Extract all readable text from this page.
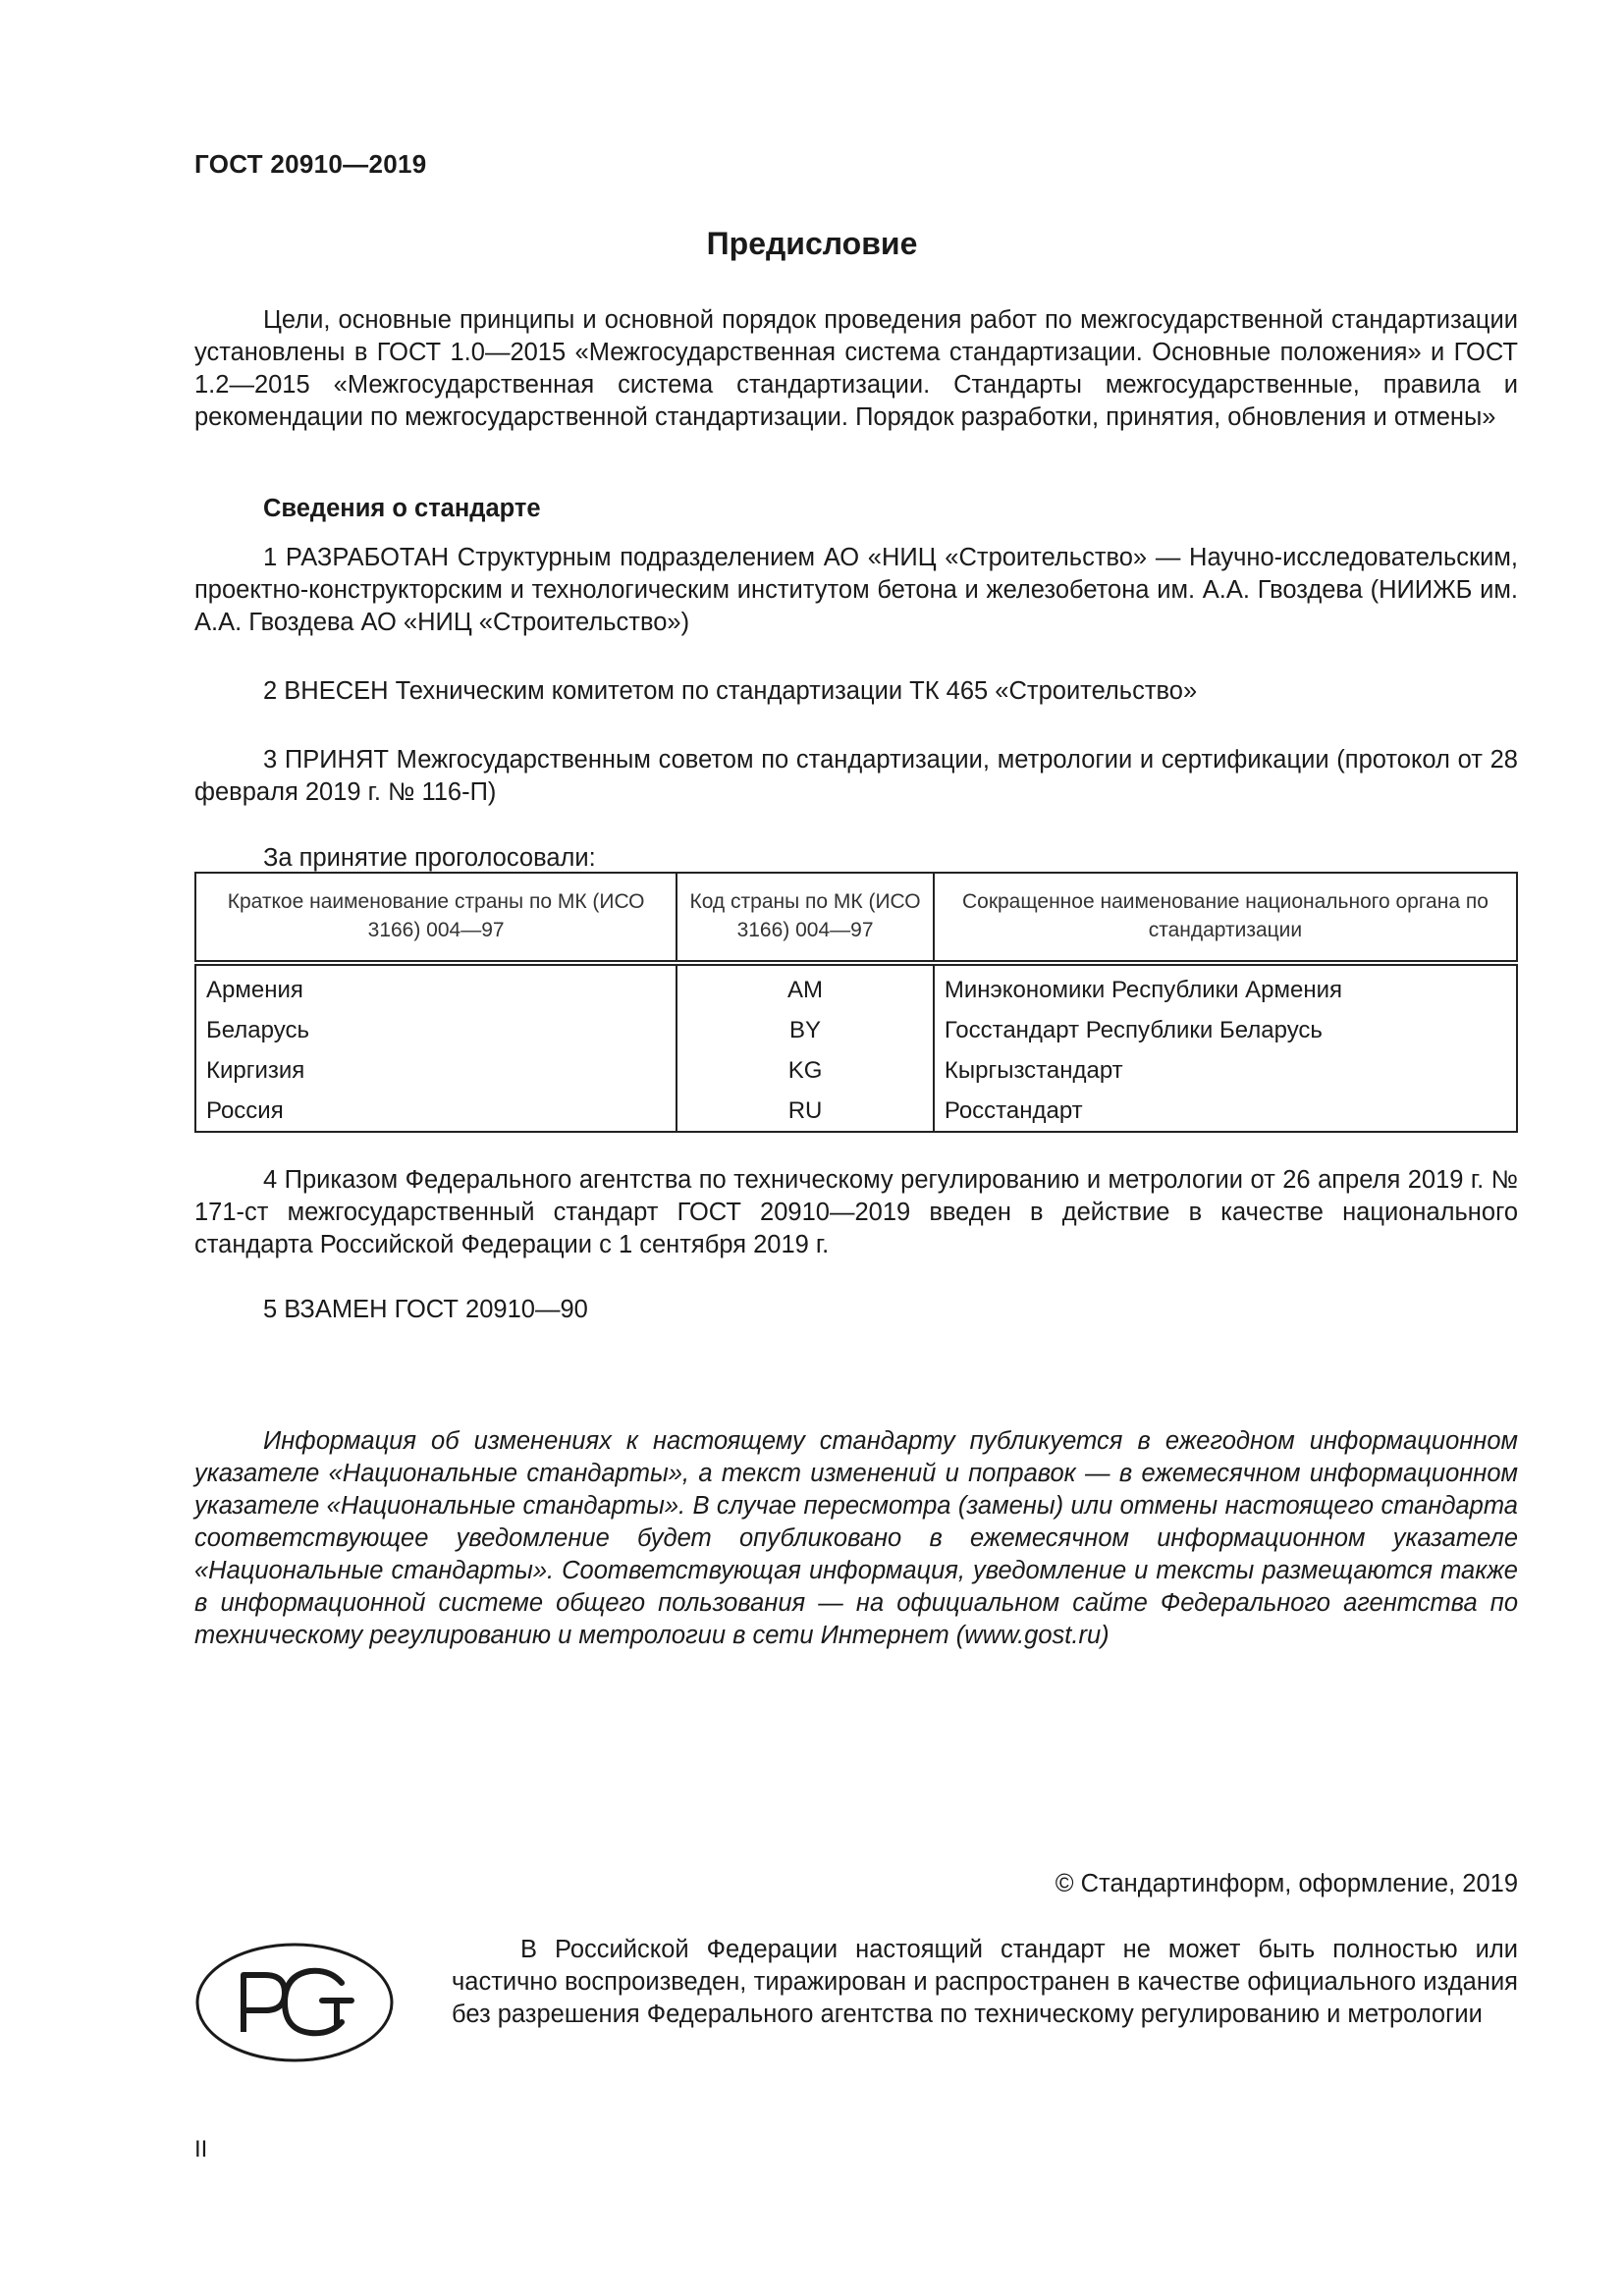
ГОСТ 20910—2019
Предисловие
Цели, основные принципы и основной порядок проведения работ по межгосударственной стандартизации установлены в ГОСТ 1.0—2015 «Межгосударственная система стандартизации. Основные положения» и ГОСТ 1.2—2015 «Межгосударственная система стандартизации. Стандарты межгосударственные, правила и рекомендации по межгосударственной стандартизации. Порядок разработки, принятия, обновления и отмены»
Сведения о стандарте
1 РАЗРАБОТАН Структурным подразделением АО «НИЦ «Строительство» — Научно-исследовательским, проектно-конструкторским и технологическим институтом бетона и железобетона им. А.А. Гвоздева (НИИЖБ им. А.А. Гвоздева АО «НИЦ «Строительство»)
2 ВНЕСЕН Техническим комитетом по стандартизации ТК 465 «Строительство»
3 ПРИНЯТ Межгосударственным советом по стандартизации, метрологии и сертификации (протокол от 28 февраля 2019 г. № 116-П)
За принятие проголосовали:
Краткое наименование страны по МК (ИСО 3166) 004—97	Код страны по МК (ИСО 3166) 004—97	Сокращенное наименование национального органа по стандартизации
Армения	AM	Минэкономики Республики Армения
Беларусь	BY	Госстандарт Республики Беларусь
Киргизия	KG	Кыргызстандарт
Россия	RU	Росстандарт
4 Приказом Федерального агентства по техническому регулированию и метрологии от 26 апреля 2019 г. № 171-ст межгосударственный стандарт ГОСТ 20910—2019 введен в действие в качестве национального стандарта Российской Федерации с 1 сентября 2019 г.
5 ВЗАМЕН ГОСТ 20910—90
Информация об изменениях к настоящему стандарту публикуется в ежегодном информационном указателе «Национальные стандарты», а текст изменений и поправок — в ежемесячном информационном указателе «Национальные стандарты». В случае пересмотра (замены) или отмены настоящего стандарта соответствующее уведомление будет опубликовано в ежемесячном информационном указателе «Национальные стандарты». Соответствующая информация, уведомление и тексты размещаются также в информационной системе общего пользования — на официальном сайте Федерального агентства по техническому регулированию и метрологии в сети Интернет (www.gost.ru)
© Стандартинформ, оформление, 2019
В Российской Федерации настоящий стандарт не может быть полностью или частично воспроизведен, тиражирован и распространен в качестве официального издания без разрешения Федерального агентства по техническому регулированию и метрологии
II
